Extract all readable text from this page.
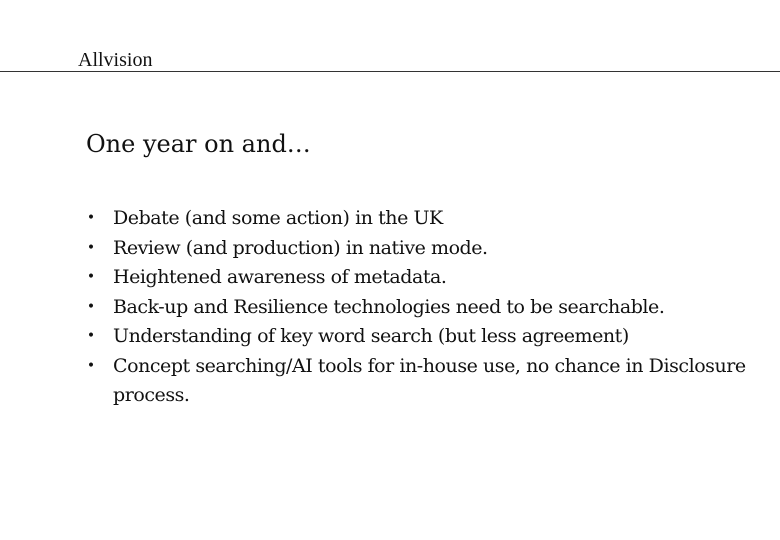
Allvision
One year on and…
• Debate (and some action) in the UK
• Review (and production) in native mode.
• Heightened awareness of metadata.
• Back-up and Resilience technologies need to be searchable.
• Understanding of key word search (but less agreement)
• Concept searching/AI tools for in-house use, no chance in Disclosure process.
